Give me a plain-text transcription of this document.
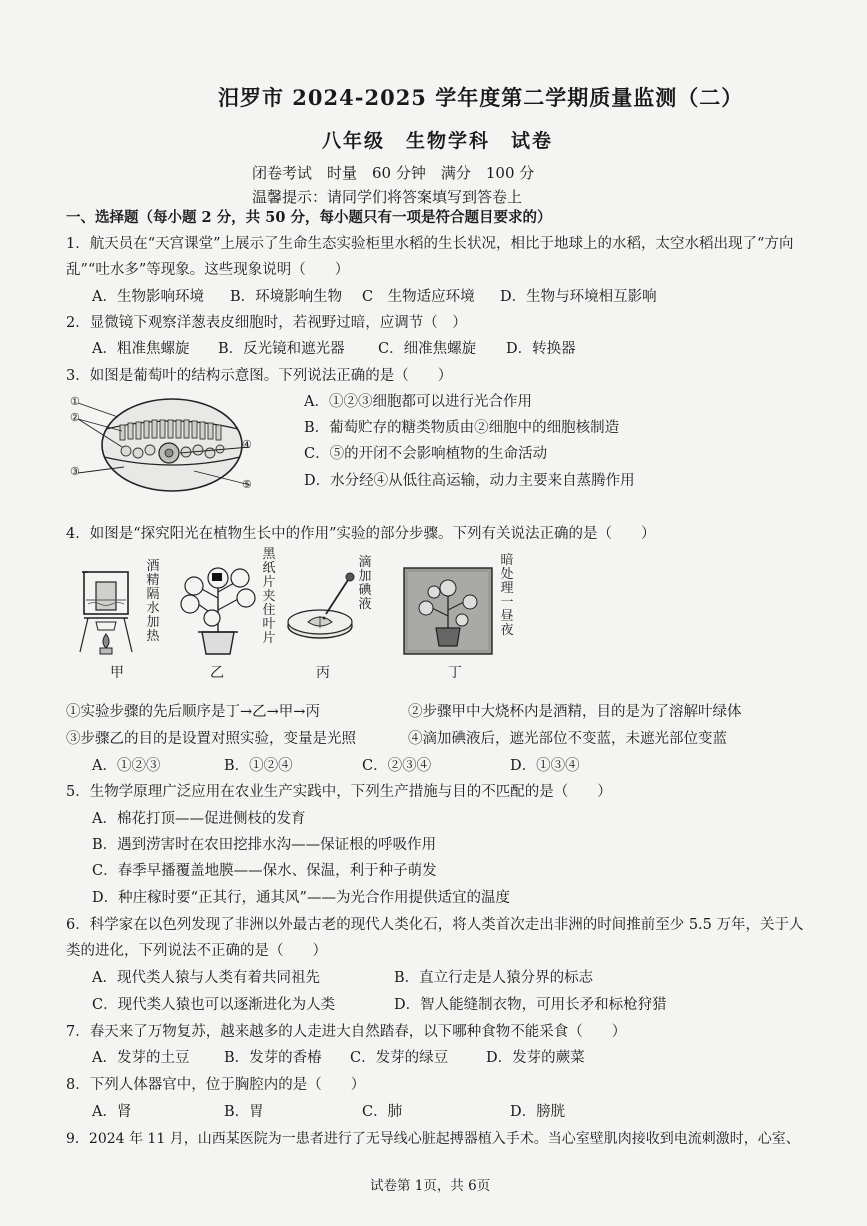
汨罗市 2024-2025 学年度第二学期质量监测（二）
八年级　生物学科　试卷
闭卷考试　时量　60 分钟　满分　100 分
温馨提示：请同学们将答案填写到答卷上
一、选择题（每小题 2 分，共 50 分，每小题只有一项是符合题目要求的）
1．航天员在“天宫课堂”上展示了生命生态实验柜里水稻的生长状况，相比于地球上的水稻，太空水稻出现了“方向
乱”“吐水多”等现象。这些现象说明（　　）
A．生物影响环境 B．环境影响生物 C　生物适应环境 D．生物与环境相互影响
2．显微镜下观察洋葱表皮细胞时，若视野过暗，应调节（　）
A．粗准焦螺旋 B．反光镜和遮光器 C．细准焦螺旋 D．转换器
3．如图是葡萄叶的结构示意图。下列说法正确的是（　　）
①
②
③
④
⑤
A．①②③细胞都可以进行光合作用
B．葡萄贮存的糖类物质由②细胞中的细胞核制造
C．⑤的开闭不会影响植物的生命活动
D．水分经④从低往高运输，动力主要来自蒸腾作用
4．如图是“探究阳光在植物生长中的作用”实验的部分步骤。下列有关说法正确的是（　　）
酒精隔水加热
甲
黑纸片夹住叶片
乙
滴加碘液
丙
暗处理一昼夜
丁
①实验步骤的先后顺序是丁→乙→甲→丙	②步骤甲中大烧杯内是酒精，目的是为了溶解叶绿体
③步骤乙的目的是设置对照实验，变量是光照	④滴加碘液后，遮光部位不变蓝，未遮光部位变蓝
A．①②③	B．①②④	C．②③④	D．①③④
5．生物学原理广泛应用在农业生产实践中，下列生产措施与目的不匹配的是（　　）
A．棉花打顶——促进侧枝的发育
B．遇到涝害时在农田挖排水沟——保证根的呼吸作用
C．春季早播覆盖地膜——保水、保温，利于种子萌发
D．种庄稼时要“正其行，通其风”——为光合作用提供适宜的温度
6．科学家在以色列发现了非洲以外最古老的现代人类化石，将人类首次走出非洲的时间推前至少 5.5 万年，关于人
类的进化，下列说法不正确的是（　　）
A．现代类人猿与人类有着共同祖先	B．直立行走是人猿分界的标志
C．现代类人猿也可以逐渐进化为人类	D．智人能缝制衣物，可用长矛和标枪狩猎
7．春天来了万物复苏，越来越多的人走进大自然踏春，以下哪种食物不能采食（　　）
A．发芽的土豆 B．发芽的香椿 C．发芽的绿豆	D．发芽的蕨菜
8．下列人体器官中，位于胸腔内的是（　　）
A．肾	B．胃	C．肺	D．膀胱
9．2024 年 11 月，山西某医院为一患者进行了无导线心脏起搏器植入手术。当心室壁肌肉接收到电流刺激时，心室、
试卷第 1页，共 6页
